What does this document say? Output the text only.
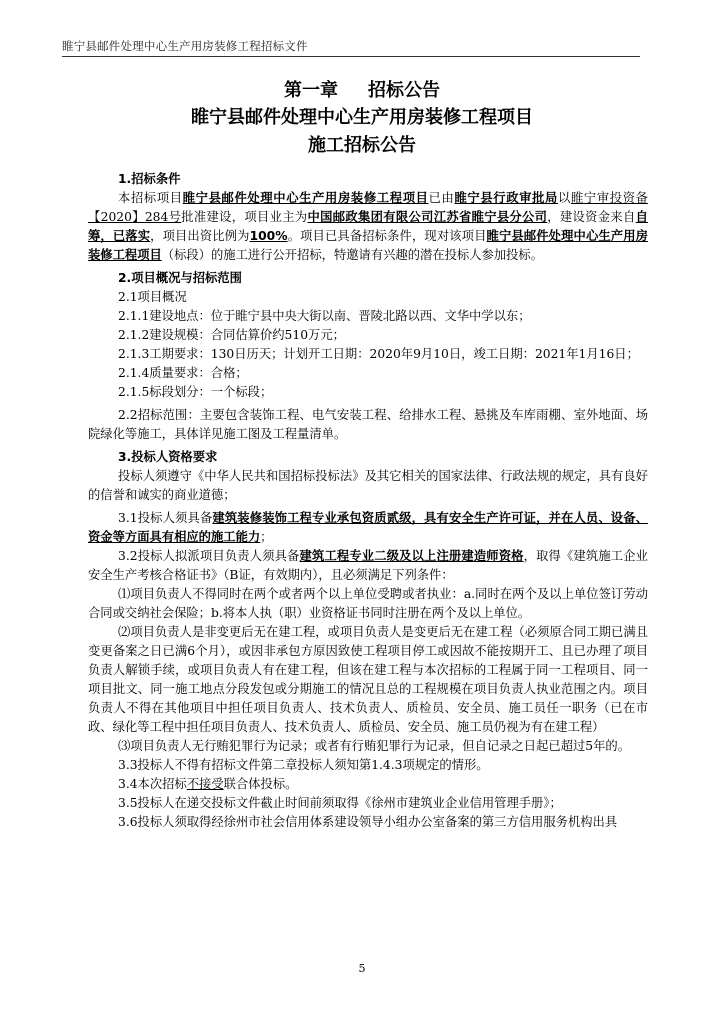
睢宁县邮件处理中心生产用房装修工程招标文件
第一章 招标公告
睢宁县邮件处理中心生产用房装修工程项目
施工招标公告

1.招标条件

本招标项目睢宁县邮件处理中心生产用房装修工程项目已由睢宁县行政审批局以睢宁审投资备【2020】284号批准建设，项目业主为中国邮政集团有限公司江苏省睢宁县分公司，建设资金来自自筹，已落实，项目出资比例为100%。项目已具备招标条件，现对该项目睢宁县邮件处理中心生产用房装修工程项目（标段）的施工进行公开招标，特邀请有兴趣的潜在投标人参加投标。

2.项目概况与招标范围

2.1项目概况

2.1.1建设地点：位于睢宁县中央大街以南、晋陵北路以西、文华中学以东；

2.1.2建设规模：合同估算价约510万元；

2.1.3工期要求：130日历天；计划开工日期：2020年9月10日，竣工日期：2021年1月16日；

2.1.4质量要求：合格；

2.1.5标段划分：一个标段；

2.2招标范围：主要包含装饰工程、电气安装工程、给排水工程、悬挑及车库雨棚、室外地面、场院绿化等施工，具体详见施工图及工程量清单。

3.投标人资格要求

投标人须遵守《中华人民共和国招标投标法》及其它相关的国家法律、行政法规的规定，具有良好的信誉和诚实的商业道德；

3.1投标人须具备建筑装修装饰工程专业承包资质贰级，具有安全生产许可证，并在人员、设备、资金等方面具有相应的施工能力；

3.2投标人拟派项目负责人须具备建筑工程专业二级及以上注册建造师资格，取得《建筑施工企业安全生产考核合格证书》（B证，有效期内），且必须满足下列条件：

⑴项目负责人不得同时在两个或者两个以上单位受聘或者执业：a.同时在两个及以上单位签订劳动合同或交纳社会保险；b.将本人执（职）业资格证书同时注册在两个及以上单位。

⑵项目负责人是非变更后无在建工程，或项目负责人是变更后无在建工程（必须原合同工期已满且变更备案之日已满6个月），或因非承包方原因致使工程项目停工或因故不能按期开工、且已办理了项目负责人解锁手续，或项目负责人有在建工程，但该在建工程与本次招标的工程属于同一工程项目、同一项目批文、同一施工地点分段发包或分期施工的情况且总的工程规模在项目负责人执业范围之内。项目负责人不得在其他项目中担任项目负责人、技术负责人、质检员、安全员、施工员任一职务（已在市政、绿化等工程中担任项目负责人、技术负责人、质检员、安全员、施工员仍视为有在建工程）

⑶项目负责人无行贿犯罪行为记录；或者有行贿犯罪行为记录，但自记录之日起已超过5年的。

3.3投标人不得有招标文件第二章投标人须知第1.4.3项规定的情形。

3.4本次招标不接受联合体投标。

3.5投标人在递交投标文件截止时间前须取得《徐州市建筑业企业信用管理手册》；

3.6投标人须取得经徐州市社会信用体系建设领导小组办公室备案的第三方信用服务机构出具

5
